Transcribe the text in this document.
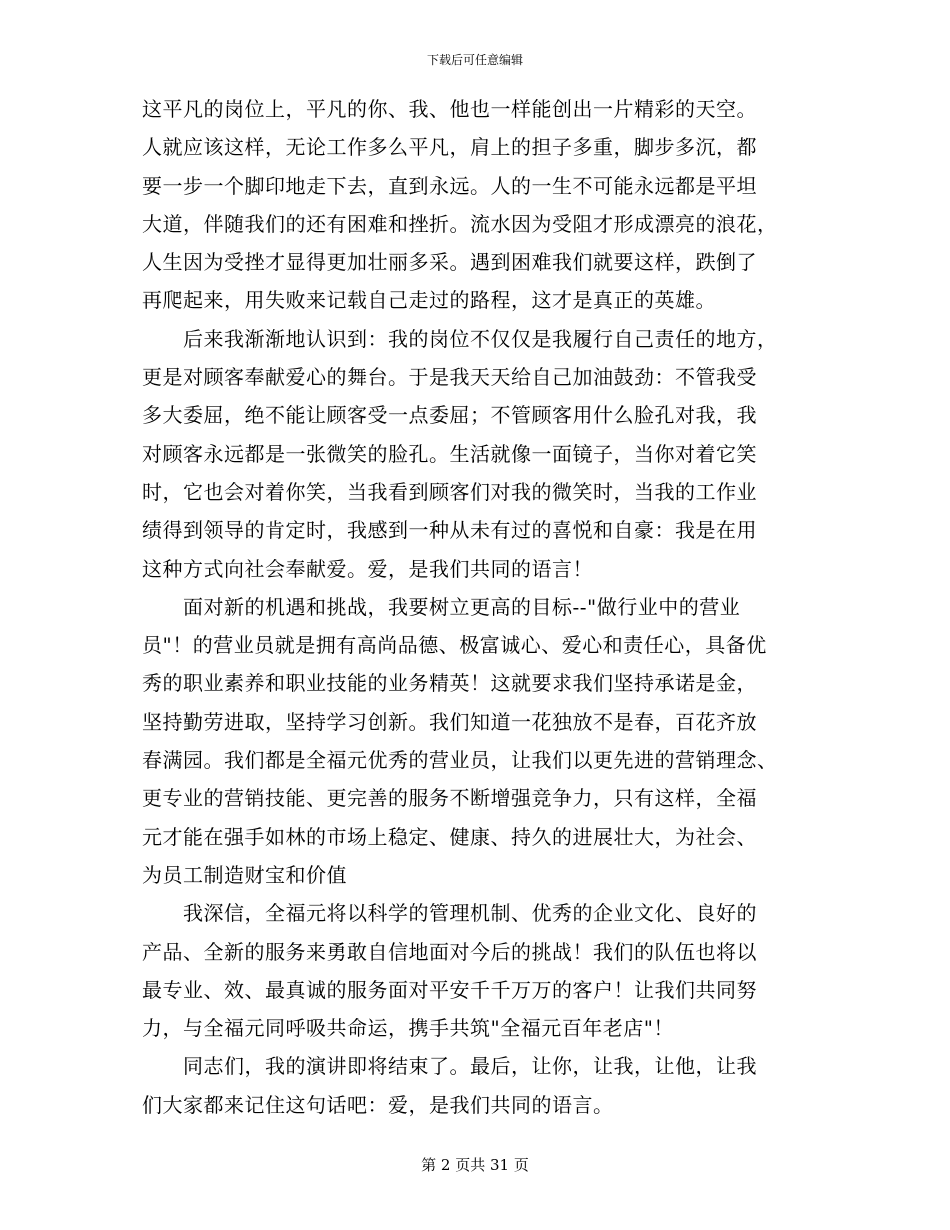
下载后可任意编辑
这平凡的岗位上，平凡的你、我、他也一样能创出一片精彩的天空。
人就应该这样，无论工作多么平凡，肩上的担子多重，脚步多沉，都
要一步一个脚印地走下去，直到永远。人的一生不可能永远都是平坦
大道，伴随我们的还有困难和挫折。流水因为受阻才形成漂亮的浪花，
人生因为受挫才显得更加壮丽多采。遇到困难我们就要这样，跌倒了
再爬起来，用失败来记载自己走过的路程，这才是真正的英雄。
　　后来我渐渐地认识到：我的岗位不仅仅是我履行自己责任的地方，
更是对顾客奉献爱心的舞台。于是我天天给自己加油鼓劲：不管我受
多大委屈，绝不能让顾客受一点委屈；不管顾客用什么脸孔对我，我
对顾客永远都是一张微笑的脸孔。生活就像一面镜子，当你对着它笑
时，它也会对着你笑，当我看到顾客们对我的微笑时，当我的工作业
绩得到领导的肯定时，我感到一种从未有过的喜悦和自豪：我是在用
这种方式向社会奉献爱。爱，是我们共同的语言！
　　面对新的机遇和挑战，我要树立更高的目标--"做行业中的营业
员"！的营业员就是拥有高尚品德、极富诚心、爱心和责任心，具备优
秀的职业素养和职业技能的业务精英！这就要求我们坚持承诺是金，
坚持勤劳进取，坚持学习创新。我们知道一花独放不是春，百花齐放
春满园。我们都是全福元优秀的营业员，让我们以更先进的营销理念、
更专业的营销技能、更完善的服务不断增强竞争力，只有这样，全福
元才能在强手如林的市场上稳定、健康、持久的进展壮大，为社会、
为员工制造财宝和价值
　　我深信，全福元将以科学的管理机制、优秀的企业文化、良好的
产品、全新的服务来勇敢自信地面对今后的挑战！我们的队伍也将以
最专业、效、最真诚的服务面对平安千千万万的客户！让我们共同努
力，与全福元同呼吸共命运，携手共筑"全福元百年老店"！
　　同志们，我的演讲即将结束了。最后，让你，让我，让他，让我
们大家都来记住这句话吧：爱，是我们共同的语言。
第 2 页共 31 页
